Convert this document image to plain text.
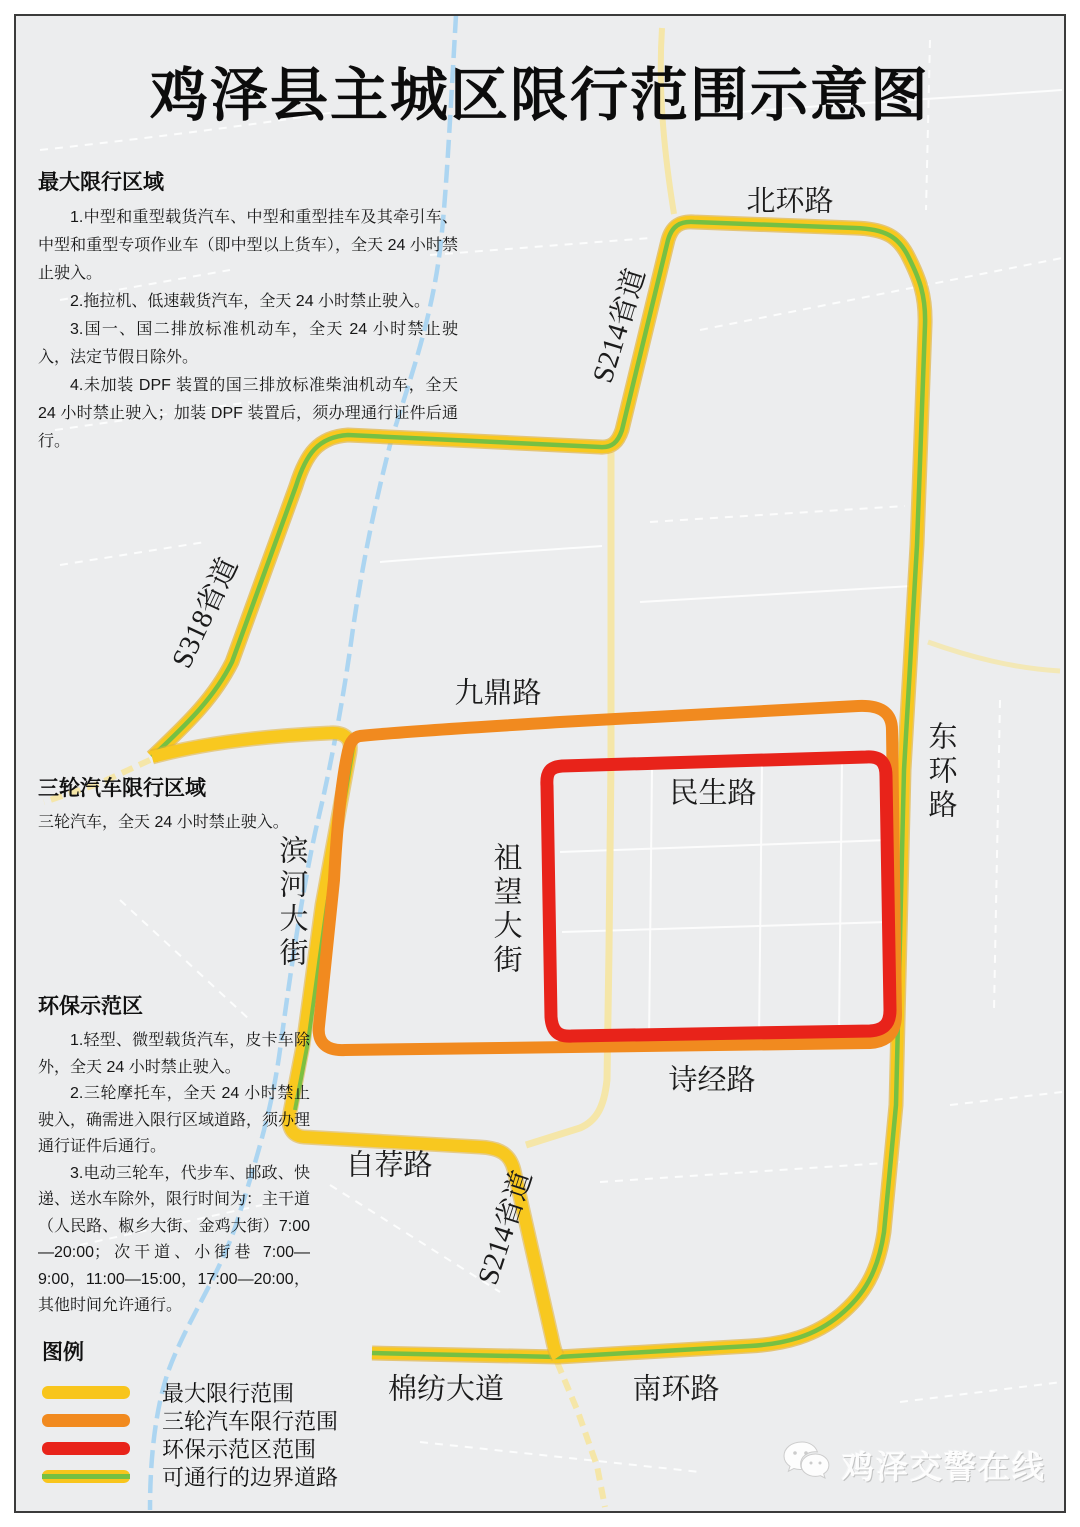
鸡泽县主城区限行范围示意图
最大限行区域

1.中型和重型载货汽车、中型和重型挂车及其牵引车、中型和重型专项作业车（即中型以上货车），全天 24 小时禁止驶入。

2.拖拉机、低速载货汽车，全天 24 小时禁止驶入。

3.国一、国二排放标准机动车，全天 24 小时禁止驶入，法定节假日除外。

4.未加装 DPF 装置的国三排放标准柴油机动车，全天 24 小时禁止驶入；加装 DPF 装置后，须办理通行证件后通行。

三轮汽车限行区域

三轮汽车，全天 24 小时禁止驶入。

环保示范区

1.轻型、微型载货汽车，皮卡车除外，全天 24 小时禁止驶入。

2.三轮摩托车，全天 24 小时禁止驶入，确需进入限行区域道路，须办理通行证件后通行。

3.电动三轮车，代步车、邮政、快递、送水车除外，限行时间为：主干道（人民路、椒乡大街、金鸡大街）7:00—20:00；次干道、小街巷 7:00—9:00，11:00—15:00，17:00—20:00，其他时间允许通行。

北环路
S214省道
S318省道
九鼎路
东环路
民生路
祖望大街
滨河大街
诗经路
自荐路
S214省道
棉纺大道	南环路
图例
最大限行范围
三轮汽车限行范围
环保示范区范围
可通行的边界道路	鸡泽交警在线
